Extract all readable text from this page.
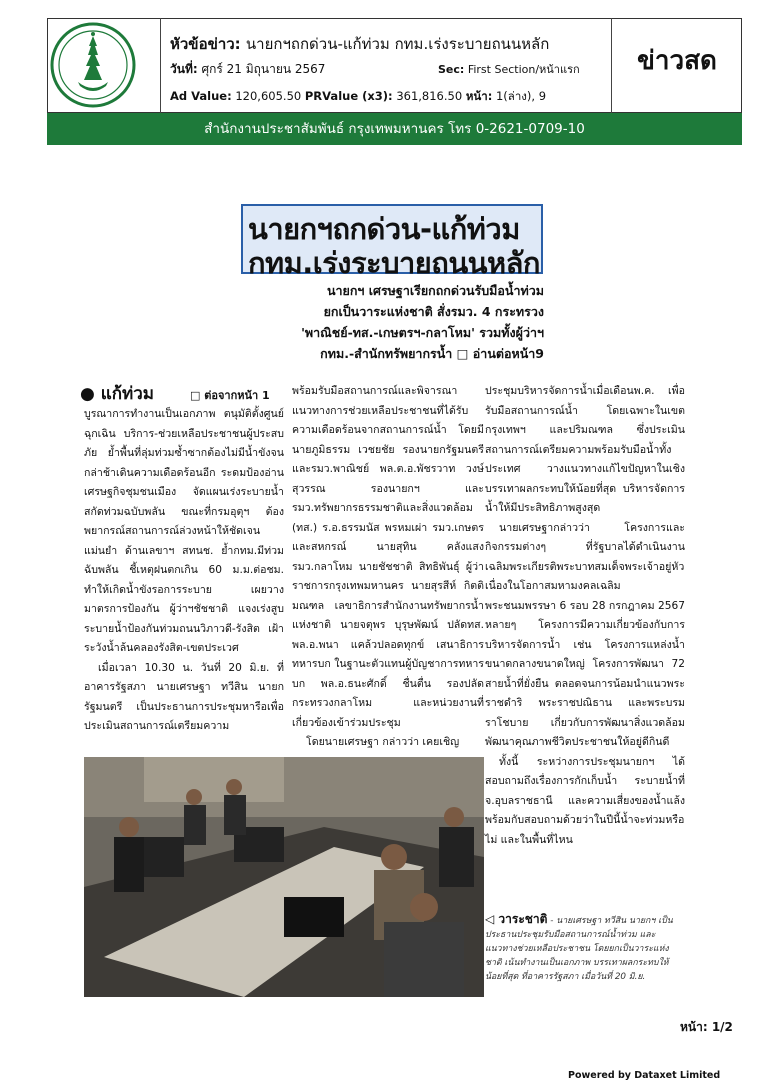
หัวข้อข่าว: นายกฯถกด่วน-แก้ท่วม กทม.เร่งระบายถนนหลัก
วันที่: ศุกร์ 21 มิถุนายน 2567	Sec: First Section/หน้าแรก
Ad Value: 120,605.50 PRValue (x3): 361,816.50 หน้า: 1(ล่าง), 9
ข่าวสด
สำนักงานประชาสัมพันธ์ กรุงเทพมหานคร โทร 0-2621-0709-10
นายกฯถกด่วน-แก้ท่วม
กทม.เร่งระบายถนนหลัก
นายกฯ เศรษฐาเรียกถกด่วนรับมือน้ำท่วม
ยกเป็นวาระแห่งชาติ สั่งรมว. 4 กระทรวง
'พาณิชย์-ทส.-เกษตรฯ-กลาโหม' รวมทั้งผู้ว่าฯ
กทม.-สำนักทรัพยากรน้ำ □ อ่านต่อหน้า9
● แก้ท่วม	□ ต่อจากหน้า 1

บูรณาการทำงานเป็นเอกภาพ ตนุมัติตั้งศูนย์ฉุกเฉิน บริการ-ช่วยเหลือประชาชนผู้ประสบภัย ย้ำพื้นที่ลุ่มท่วมซ้ำซากต้องไม่มีน้ำขังจนกล่าช้าเดินความเดือดร้อนอีก ระดมป้องอ่านเศรษฐกิจชุมชนเมือง จัดแผนเร่งระบายน้ำ สกัดท่วมฉบับพลัน ขณะที่กรมอุตุฯ ต้องพยากรณ์สถานการณ์ล่วงหน้าให้ชัดเจนแม่นยำ ด้านเลขาฯ สทนช. ย้ำกทม.มีท่วมฉับพลัน ชี้เหตุฝนตกเกิน 60 ม.ม.ต่อชม. ทำให้เกิดน้ำขังรอการระบาย เผยวางมาตรการป้องกัน ผู้ว่าฯชัชชาติ แจงเร่งสูบระบายน้ำป้องกันท่วมถนนวิภาวดี-รังสิต เฝ้าระวังน้ำล้นคลองรังสิต-เขตประเวศ

เมื่อเวลา 10.30 น. วันที่ 20 มิ.ย. ที่อาคารรัฐสภา นายเศรษฐา ทวีสิน นายกรัฐมนตรี เป็นประธานการประชุมหารือเพื่อประเมินสถานการณ์เตรียมความ

พร้อมรับมือสถานการณ์และพิจารณาแนวทางการช่วยเหลือประชาชนที่ได้รับความเดือดร้อนจากสถานการณ์น้ำ โดยมีนายภูมิธรรม เวชยชัย รองนายกรัฐมนตรีและรมว.พาณิชย์ พล.ต.อ.พัชรวาท วงษ์สุวรรณ รองนายกฯ และรมว.ทรัพยากรธรรมชาติและสิ่งแวดล้อม (ทส.) ร.อ.ธรรมนัส พรหมเผ่า รมว.เกษตรและสหกรณ์ นายสุทิน คลังแสง รมว.กลาโหม นายชัชชาติ สิทธิพันธุ์ ผู้ว่าราชการกรุงเทพมหานคร นายสุรสีห์ กิตติมณฑล เลขาธิการสำนักงานทรัพยากรน้ำแห่งชาติ นายจตุพร บุรุษพัฒน์ ปลัดทส. พล.อ.พนา แคล้วปลอดทุกข์ เสนาธิการทหารบก ในฐานะตัวแทนผู้บัญชาการทหารบก พล.อ.ธนะศักดิ์ ชื่นตื่น รองปลัดกระทรวงกลาโหม และหน่วยงานที่เกี่ยวข้องเข้าร่วมประชุม

โดยนายเศรษฐา กล่าวว่า เคยเชิญ

ประชุมบริหารจัดการน้ำเมื่อเดือนพ.ค. เพื่อรับมือสถานการณ์น้ำ โดยเฉพาะในเขตกรุงเทพฯ และปริมณฑล ซึ่งประเมินสถานการณ์เตรียมความพร้อมรับมือน้ำทั้งประเทศ วางแนวทางแก้ไขปัญหาในเชิงบรรเทาผลกระทบให้น้อยที่สุด บริหารจัดการน้ำให้มีประสิทธิภาพสูงสุด

นายเศรษฐากล่าวว่า โครงการและกิจกรรมต่างๆ ที่รัฐบาลได้ดำเนินงานเฉลิมพระเกียรติพระบาทสมเด็จพระเจ้าอยู่หัว เนื่องในโอกาสมหามงคลเฉลิมพระชนมพรรษา 6 รอบ 28 กรกฎาคม 2567 หลายๆ โครงการมีความเกี่ยวข้องกับการบริหารจัดการน้ำ เช่น โครงการแหล่งน้ำขนาดกลางขนาดใหญ่ โครงการพัฒนา 72 สายน้ำที่ยั่งยืน ตลอดจนการน้อมนำแนวพระราชดำริ พระราชปณิธาน และพระบรมราโชบาย เกี่ยวกับการพัฒนาสิ่งแวดล้อม พัฒนาคุณภาพชีวิตประชาชนให้อยู่ดีกินดี

ทั้งนี้ ระหว่างการประชุมนายกฯ ได้สอบถามถึงเรื่องการกักเก็บน้ำ ระบายน้ำที่จ.อุบลราชธานี และความเสี่ยงของน้ำแล้ง พร้อมกับสอบถามด้วยว่าในปีนี้น้ำจะท่วมหรือไม่ และในพื้นที่ไหน

◁ วาระชาติ - นายเศรษฐา ทวีสิน นายกฯ เป็นประธานประชุมรับมือสถานการณ์น้ำท่วม และแนวทางช่วยเหลือประชาชน โดยยกเป็นวาระแห่งชาติ เน้นทำงานเป็นเอกภาพ บรรเทาผลกระทบให้น้อยที่สุด ที่อาคารรัฐสภา เมื่อวันที่ 20 มิ.ย.
หน้า: 1/2
Powered by Dataxet Limited
